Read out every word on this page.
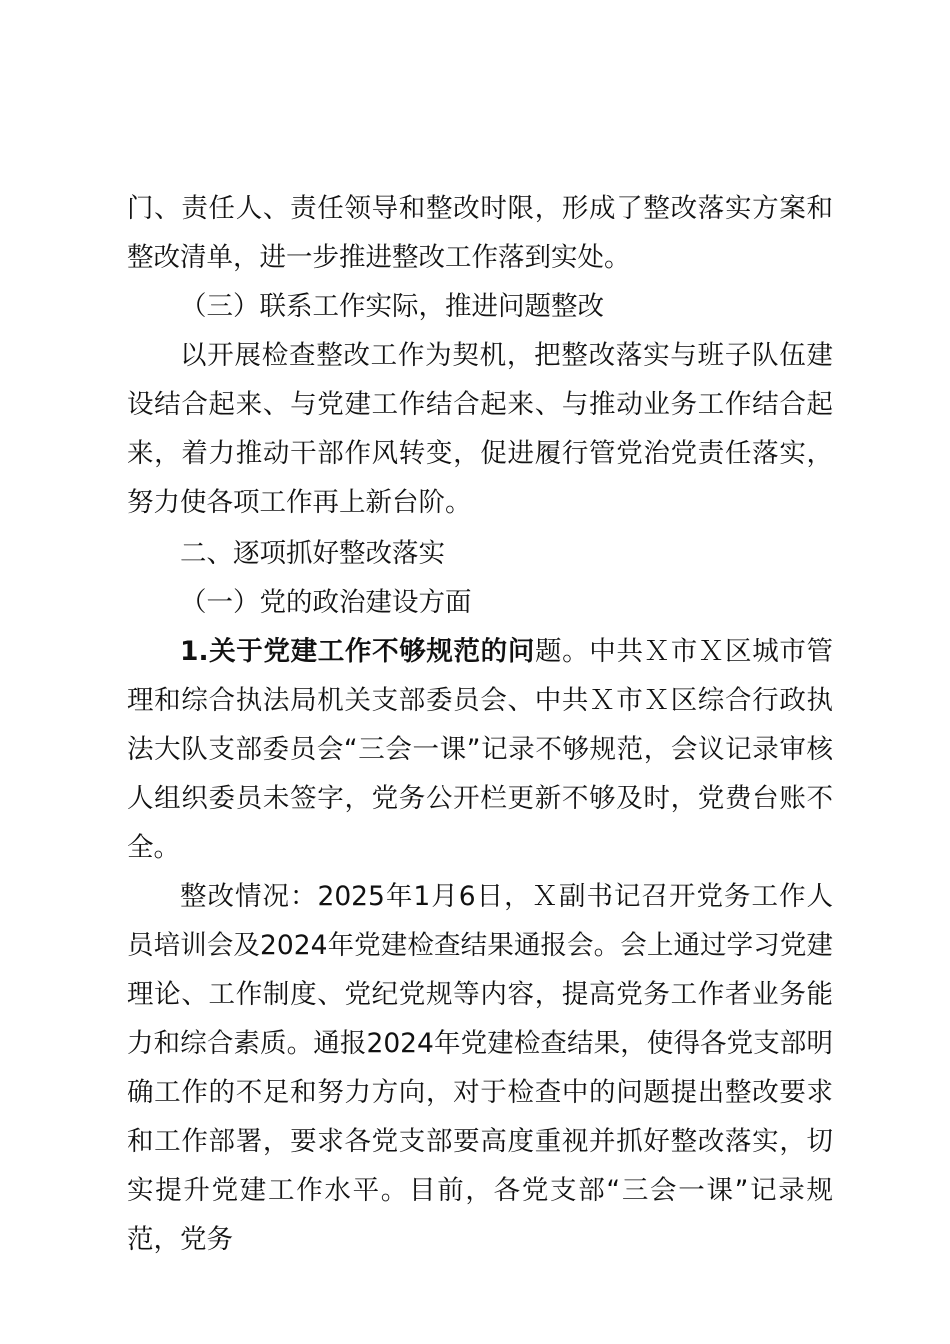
门、责任人、责任领导和整改时限，形成了整改落实方案和整改清单，进一步推进整改工作落到实处。

（三）联系工作实际，推进问题整改

以开展检查整改工作为契机，把整改落实与班子队伍建设结合起来、与党建工作结合起来、与推动业务工作结合起来，着力推动干部作风转变，促进履行管党治党责任落实，努力使各项工作再上新台阶。

二、逐项抓好整改落实

（一）党的政治建设方面

1.关于党建工作不够规范的问题。中共Ｘ市Ｘ区城市管理和综合执法局机关支部委员会、中共Ｘ市Ｘ区综合行政执法大队支部委员会“三会一课”记录不够规范，会议记录审核人组织委员未签字，党务公开栏更新不够及时，党费台账不全。

整改情况：2025年1月6日，Ｘ副书记召开党务工作人员培训会及2024年党建检查结果通报会。会上通过学习党建理论、工作制度、党纪党规等内容，提高党务工作者业务能力和综合素质。通报2024年党建检查结果，使得各党支部明确工作的不足和努力方向，对于检查中的问题提出整改要求和工作部署，要求各党支部要高度重视并抓好整改落实，切实提升党建工作水平。目前，各党支部“三会一课”记录规范，党务
